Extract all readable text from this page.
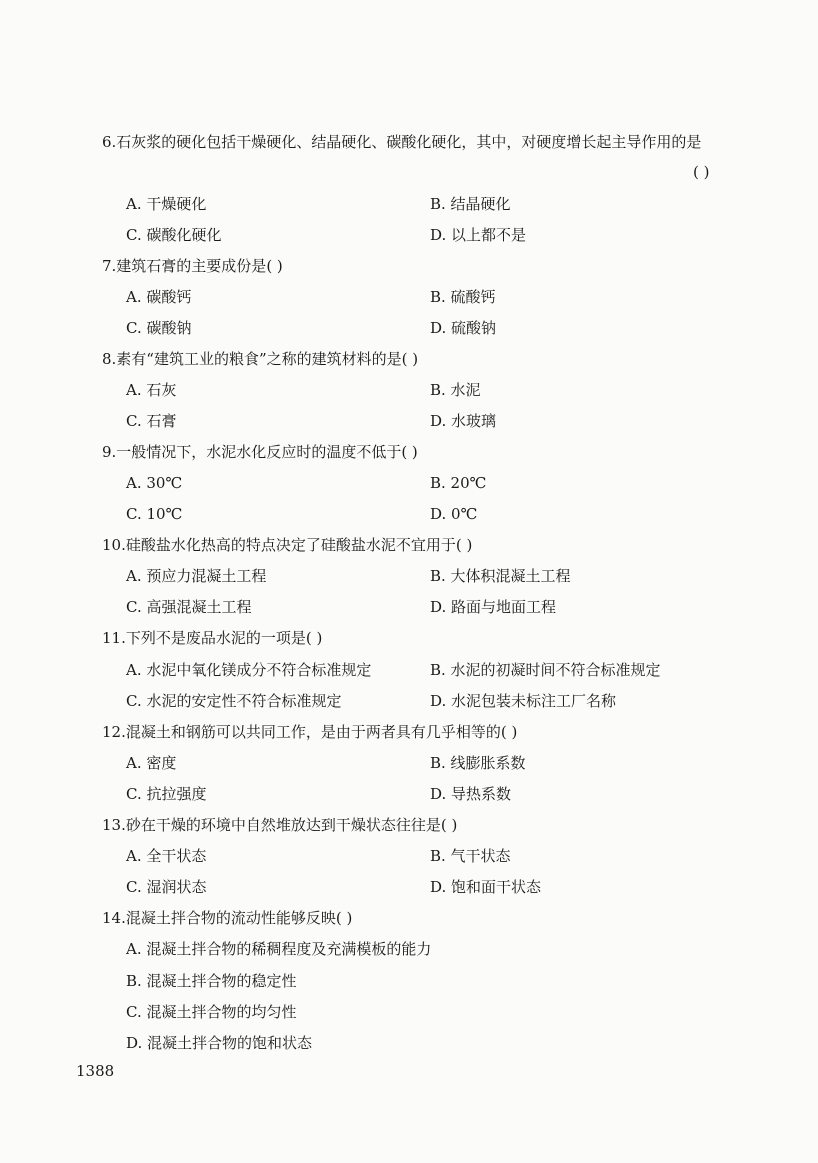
6.石灰浆的硬化包括干燥硬化、结晶硬化、碳酸化硬化，其中，对硬度增长起主导作用的是
( )
A. 干燥硬化	B. 结晶硬化
C. 碳酸化硬化	D. 以上都不是
7.建筑石膏的主要成份是( )
A. 碳酸钙	B. 硫酸钙
C. 碳酸钠	D. 硫酸钠
8.素有“建筑工业的粮食”之称的建筑材料的是( )
A. 石灰	B. 水泥
C. 石膏	D. 水玻璃
9.一般情况下，水泥水化反应时的温度不低于( )
A. 30℃	B. 20℃
C. 10℃	D. 0℃
10.硅酸盐水化热高的特点决定了硅酸盐水泥不宜用于( )
A. 预应力混凝土工程	B. 大体积混凝土工程
C. 高强混凝土工程	D. 路面与地面工程
11.下列不是废品水泥的一项是( )
A. 水泥中氧化镁成分不符合标准规定	B. 水泥的初凝时间不符合标准规定
C. 水泥的安定性不符合标准规定	D. 水泥包装未标注工厂名称
12.混凝土和钢筋可以共同工作，是由于两者具有几乎相等的( )
A. 密度	B. 线膨胀系数
C. 抗拉强度	D. 导热系数
13.砂在干燥的环境中自然堆放达到干燥状态往往是( )
A. 全干状态	B. 气干状态
C. 湿润状态	D. 饱和面干状态
14.混凝土拌合物的流动性能够反映( )
A. 混凝土拌合物的稀稠程度及充满模板的能力
B. 混凝土拌合物的稳定性
C. 混凝土拌合物的均匀性
D. 混凝土拌合物的饱和状态
1388
